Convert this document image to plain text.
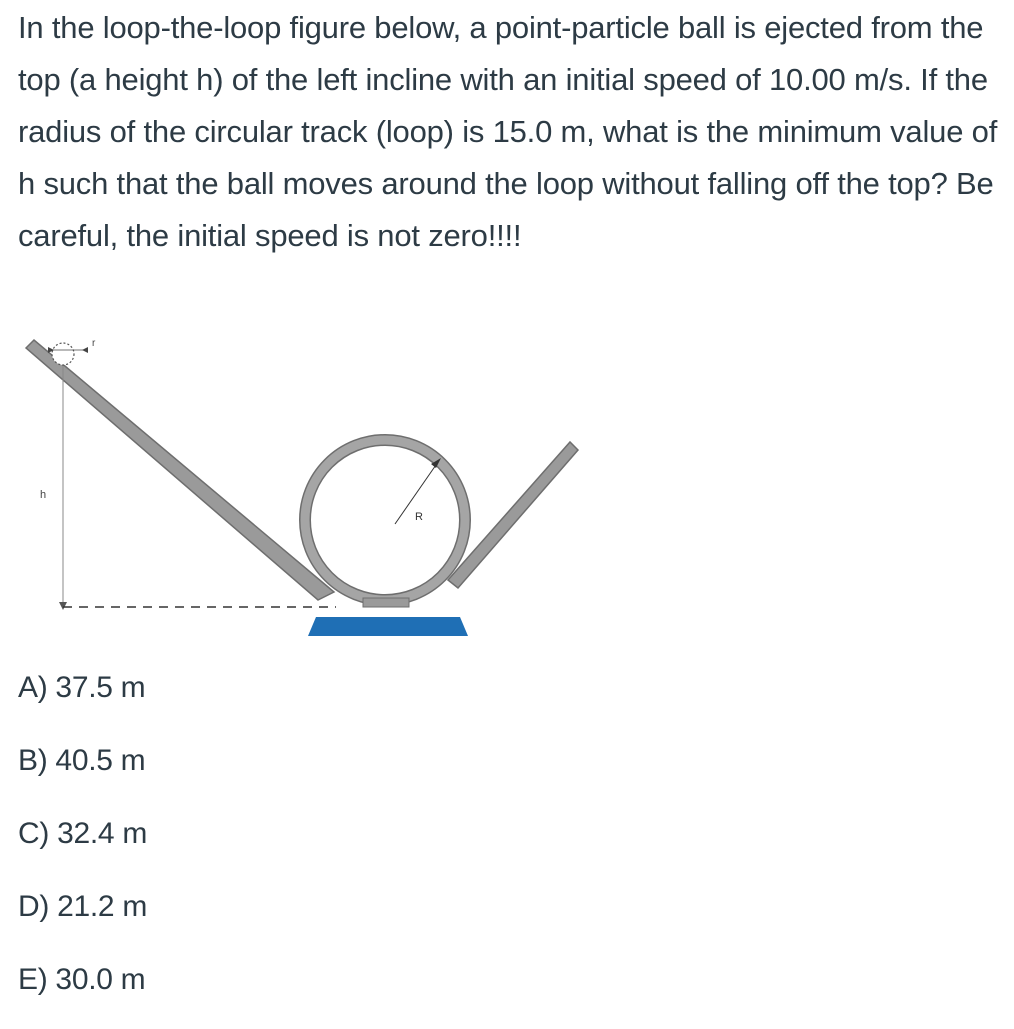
In the loop-the-loop figure below, a point-particle ball is ejected from the top (a height h) of the left incline with an initial speed of 10.00 m/s. If the radius of the circular track (loop) is 15.0 m, what is the minimum value of h such that the ball moves around the loop without falling off the top? Be careful, the initial speed is not zero!!!!

r
h
R
A) 37.5 m
B) 40.5 m
C) 32.4 m
D) 21.2 m
E) 30.0 m
